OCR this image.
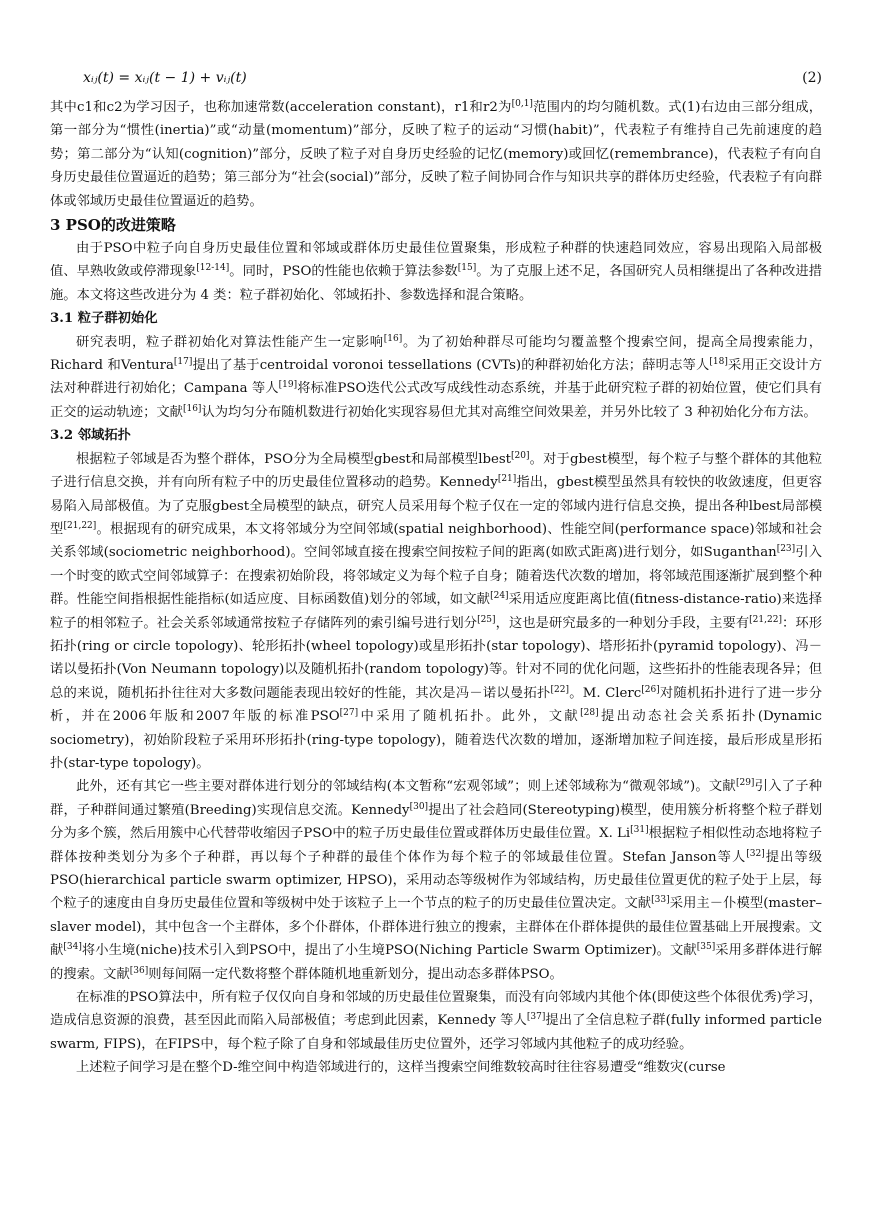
xᵢⱼ(t) = xᵢⱼ(t − 1) + vᵢⱼ(t)	(2)

其中c1和c2为学习因子，也称加速常数(acceleration constant)，r1和r2为[0,1]范围内的均匀随机数。式(1)右边由三部分组成，第一部分为“惯性(inertia)”或“动量(momentum)”部分，反映了粒子的运动“习惯(habit)”，代表粒子有维持自己先前速度的趋势；第二部分为“认知(cognition)”部分，反映了粒子对自身历史经验的记忆(memory)或回忆(remembrance)，代表粒子有向自身历史最佳位置逼近的趋势；第三部分为“社会(social)”部分，反映了粒子间协同合作与知识共享的群体历史经验，代表粒子有向群体或邻域历史最佳位置逼近的趋势。

3 PSO的改进策略

由于PSO中粒子向自身历史最佳位置和邻域或群体历史最佳位置聚集，形成粒子种群的快速趋同效应，容易出现陷入局部极值、早熟收敛或停滞现象[12-14]。同时，PSO的性能也依赖于算法参数[15]。为了克服上述不足，各国研究人员相继提出了各种改进措施。本文将这些改进分为 4 类：粒子群初始化、邻域拓扑、参数选择和混合策略。

3.1 粒子群初始化

研究表明，粒子群初始化对算法性能产生一定影响[16]。为了初始种群尽可能均匀覆盖整个搜索空间，提高全局搜索能力，Richard 和Ventura[17]提出了基于centroidal voronoi tessellations (CVTs)的种群初始化方法；薛明志等人[18]采用正交设计方法对种群进行初始化；Campana 等人[19]将标准PSO迭代公式改写成线性动态系统，并基于此研究粒子群的初始位置，使它们具有正交的运动轨迹；文献[16]认为均匀分布随机数进行初始化实现容易但尤其对高维空间效果差，并另外比较了 3 种初始化分布方法。

3.2 邻域拓扑

根据粒子邻域是否为整个群体，PSO分为全局模型gbest和局部模型lbest[20]。对于gbest模型，每个粒子与整个群体的其他粒子进行信息交换，并有向所有粒子中的历史最佳位置移动的趋势。Kennedy[21]指出，gbest模型虽然具有较快的收敛速度，但更容易陷入局部极值。为了克服gbest全局模型的缺点，研究人员采用每个粒子仅在一定的邻域内进行信息交换，提出各种lbest局部模型[21,22]。根据现有的研究成果，本文将邻域分为空间邻域(spatial neighborhood)、性能空间(performance space)邻域和社会关系邻域(sociometric neighborhood)。空间邻域直接在搜索空间按粒子间的距离(如欧式距离)进行划分，如Suganthan[23]引入一个时变的欧式空间邻域算子：在搜索初始阶段，将邻域定义为每个粒子自身；随着迭代次数的增加，将邻域范围逐渐扩展到整个种群。性能空间指根据性能指标(如适应度、目标函数值)划分的邻域，如文献[24]采用适应度距离比值(fitness-distance-ratio)来选择粒子的相邻粒子。社会关系邻域通常按粒子存储阵列的索引编号进行划分[25]，这也是研究最多的一种划分手段，主要有[21,22]：环形拓扑(ring or circle topology)、轮形拓扑(wheel topology)或星形拓扑(star topology)、塔形拓扑(pyramid topology)、冯－诺以曼拓扑(Von Neumann topology)以及随机拓扑(random topology)等。针对不同的优化问题，这些拓扑的性能表现各异；但总的来说，随机拓扑往往对大多数问题能表现出较好的性能，其次是冯－诺以曼拓扑[22]。M. Clerc[26]对随机拓扑进行了进一步分析，并在2006年版和2007年版的标准PSO[27]中采用了随机拓扑。此外，文献[28]提出动态社会关系拓扑(Dynamic sociometry)，初始阶段粒子采用环形拓扑(ring-type topology)，随着迭代次数的增加，逐渐增加粒子间连接，最后形成星形拓扑(star-type topology)。

此外，还有其它一些主要对群体进行划分的邻域结构(本文暂称“宏观邻域”；则上述邻域称为“微观邻域”)。文献[29]引入了子种群，子种群间通过繁殖(Breeding)实现信息交流。Kennedy[30]提出了社会趋同(Stereotyping)模型，使用簇分析将整个粒子群划分为多个簇，然后用簇中心代替带收缩因子PSO中的粒子历史最佳位置或群体历史最佳位置。X. Li[31]根据粒子相似性动态地将粒子群体按种类划分为多个子种群，再以每个子种群的最佳个体作为每个粒子的邻域最佳位置。Stefan Janson等人[32]提出等级PSO(hierarchical particle swarm optimizer, HPSO)，采用动态等级树作为邻域结构，历史最佳位置更优的粒子处于上层，每个粒子的速度由自身历史最佳位置和等级树中处于该粒子上一个节点的粒子的历史最佳位置决定。文献[33]采用主－仆模型(master–slaver model)，其中包含一个主群体，多个仆群体，仆群体进行独立的搜索，主群体在仆群体提供的最佳位置基础上开展搜索。文献[34]将小生境(niche)技术引入到PSO中，提出了小生境PSO(Niching Particle Swarm Optimizer)。文献[35]采用多群体进行解的搜索。文献[36]则每间隔一定代数将整个群体随机地重新划分，提出动态多群体PSO。

在标准的PSO算法中，所有粒子仅仅向自身和邻域的历史最佳位置聚集，而没有向邻域内其他个体(即使这些个体很优秀)学习，造成信息资源的浪费，甚至因此而陷入局部极值；考虑到此因素，Kennedy 等人[37]提出了全信息粒子群(fully informed particle swarm, FIPS)，在FIPS中，每个粒子除了自身和邻域最佳历史位置外，还学习邻域内其他粒子的成功经验。

上述粒子间学习是在整个D-维空间中构造邻域进行的，这样当搜索空间维数较高时往往容易遭受“维数灾(curse
